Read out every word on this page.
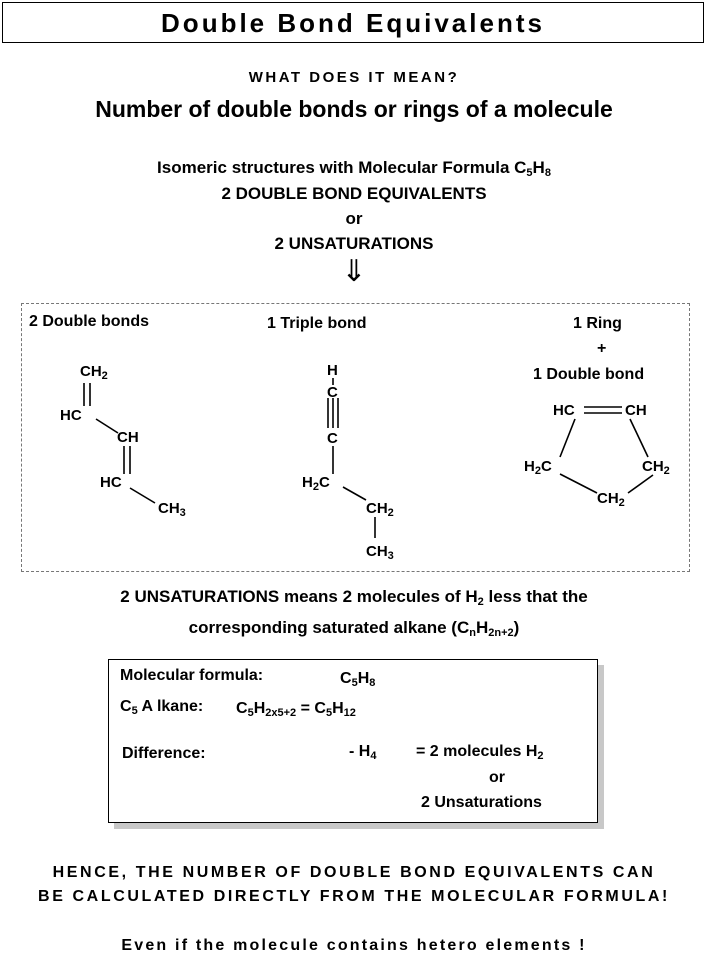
Double Bond Equivalents
WHAT DOES IT MEAN?
Number of double bonds or rings of a molecule
Isomeric structures with Molecular Formula $C_5H_8$
2 DOUBLE BOND EQUIVALENTS
or
2 UNSATURATIONS
⇓
2 Double bonds
$CH_2$
HC
CH
HC
$CH_3$
1 Triple bond
H
C
C
$H_2C$
$CH_2$
$CH_3$
1 Ring
+
1 Double bond
HC	CH
$H_2C$	$CH_2$
$CH_2$
2 UNSATURATIONS means 2 molecules of $H_2$ less that the
corresponding saturated alkane $(C_nH_{2n+2})$
Molecular formula:	$C_5H_8$
$C_5$ A lkane: $C_5H_{2x5+2} = C_5H_{12}$
Difference:	- $H_4 = 2$ molecules $H_2$
or
2 Unsaturations
HENCE, THE NUMBER OF DOUBLE BOND EQUIVALENTS CAN
BE CALCULATED DIRECTLY FROM THE MOLECULAR FORMULA!
Even if the molecule contains hetero elements !
